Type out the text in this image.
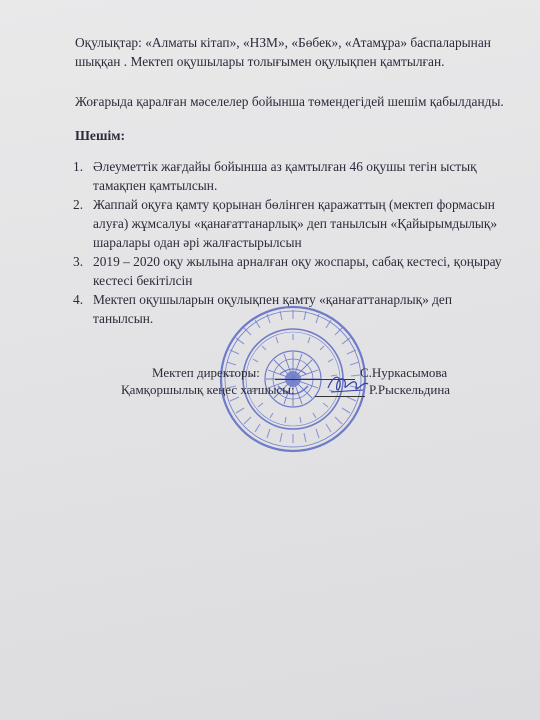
Оқулықтар: «Алматы кітап», «НЗМ», «Бөбек», «Атамұра» баспаларынан шыққан . Мектеп оқушылары толығымен оқулықпен қамтылған.

Жоғарыда қаралған мәселелер бойынша төмендегідей шешім қабылданды.

Шешім:

1. Әлеуметтік жағдайы бойынша аз қамтылған 46 оқушы тегін ыстық тамақпен қамтылсын.
2. Жаппай оқуға қамту қорынан бөлінген қаражаттың (мектеп формасын алуға) жұмсалуы «қанағаттанарлық» деп танылсын «Қайырымдылық» шаралары одан әрі жалғастырылсын
3. 2019 – 2020 оқу жылына арналған оқу жоспары, сабақ кестесі, қоңырау кестесі бекітілсін
4. Мектеп оқушыларын оқулықпен қамту «қанағаттанарлық» деп танылсын.
Мектеп директоры:	С.Нуркасымова
Қамқоршылық кеңес хатшысы:	Р.Рыскельдина
